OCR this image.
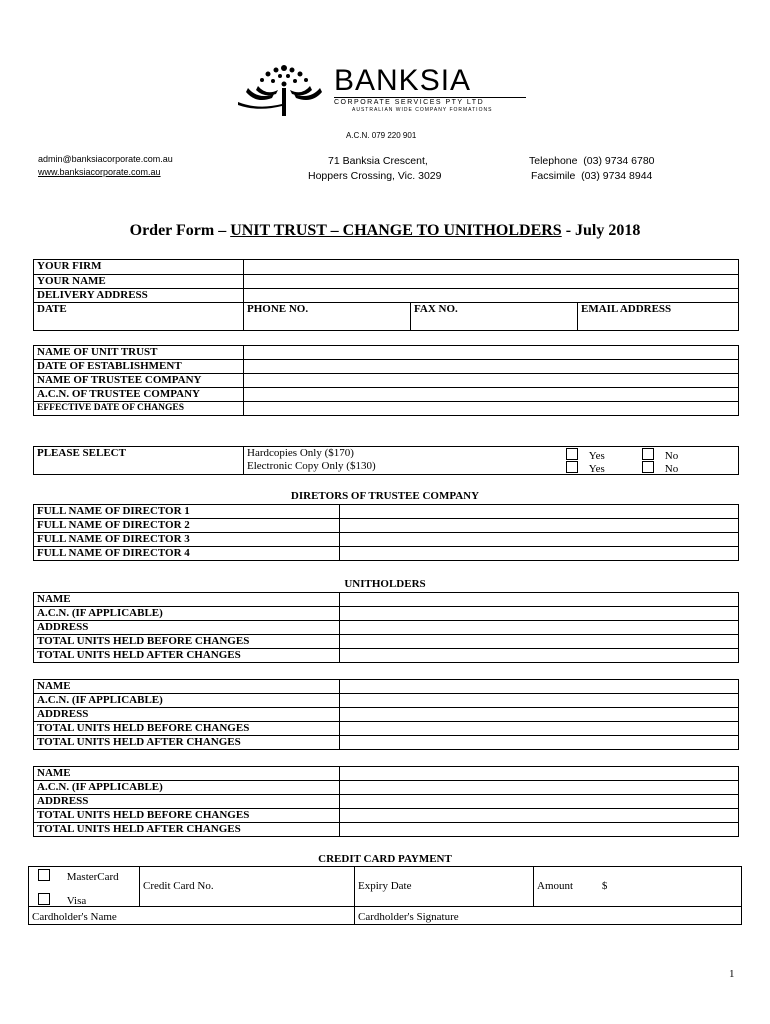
BANKSIA
CORPORATE SERVICES PTY LTD
AUSTRALIAN WIDE COMPANY FORMATIONS
A.C.N. 079 220 901
admin@banksiacorporate.com.au
www.banksiacorporate.com.au
71 Banksia Crescent,
Hoppers Crossing, Vic. 3029
Telephone  (03) 9734 6780
Facsimile  (03) 9734 8944
Order Form – UNIT TRUST – CHANGE TO UNITHOLDERS - July 2018
YOUR FIRM			
YOUR NAME			
DELIVERY ADDRESS			
DATE	PHONE NO.	FAX NO.	EMAIL ADDRESS
NAME OF UNIT TRUST	
DATE OF ESTABLISHMENT	
NAME OF TRUSTEE COMPANY	
A.C.N. OF TRUSTEE COMPANY	
EFFECTIVE DATE OF CHANGES	
PLEASE SELECT	Hardcopies Only ($170)
Electronic Copy Only ($130)
Yes	No
Yes	No
DIRETORS OF TRUSTEE COMPANY
FULL NAME OF DIRECTOR 1	
FULL NAME OF DIRECTOR 2	
FULL NAME OF DIRECTOR 3	
FULL NAME OF DIRECTOR 4	
UNITHOLDERS
NAME	
A.C.N. (IF APPLICABLE)	
ADDRESS	
TOTAL UNITS HELD BEFORE CHANGES	
TOTAL UNITS HELD AFTER CHANGES	
NAME	
A.C.N. (IF APPLICABLE)	
ADDRESS	
TOTAL UNITS HELD BEFORE CHANGES	
TOTAL UNITS HELD AFTER CHANGES	
NAME	
A.C.N. (IF APPLICABLE)	
ADDRESS	
TOTAL UNITS HELD BEFORE CHANGES	
TOTAL UNITS HELD AFTER CHANGES	
CREDIT CARD PAYMENT
MasterCard
Visa	Credit Card No.	Expiry Date	Amount $
Cardholder's Name		Cardholder's Signature	
1
